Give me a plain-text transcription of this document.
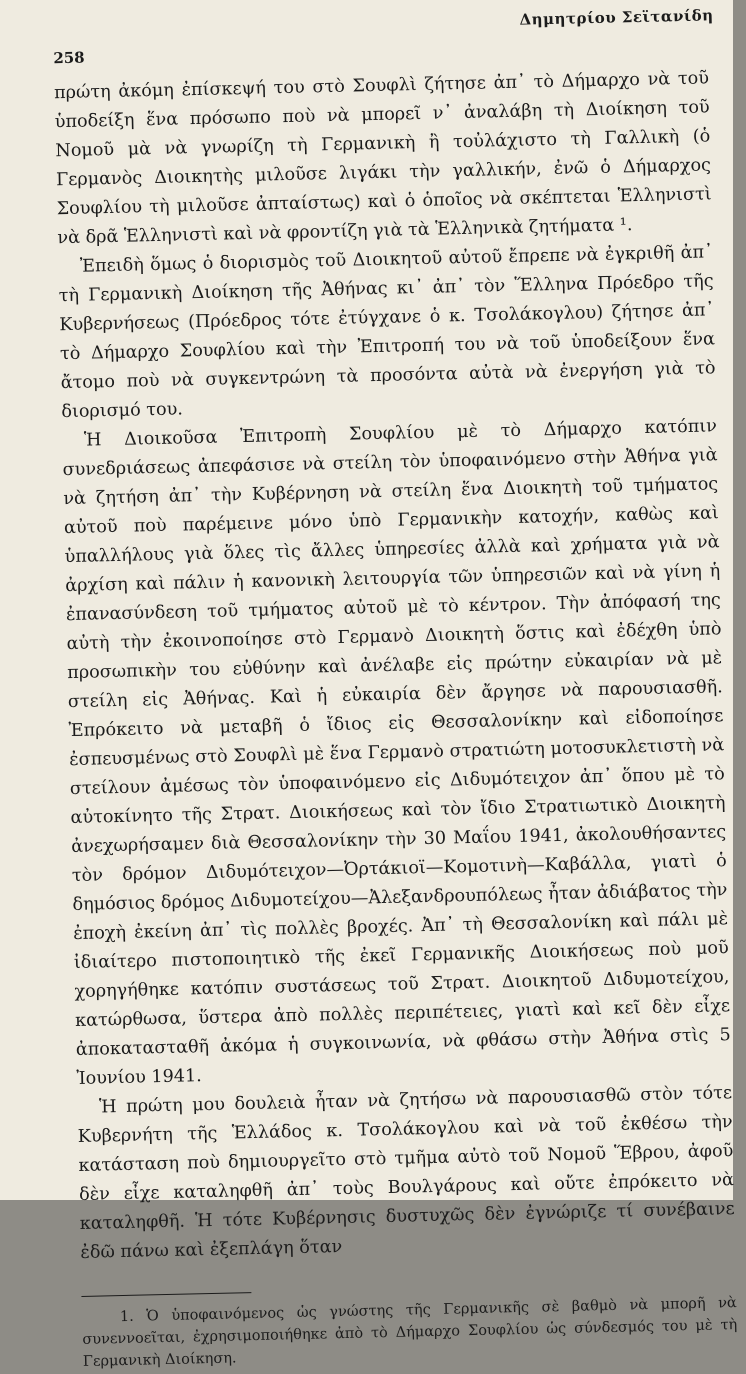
258
Δημητρίου Σεϊτανίδη

πρώτη ἀκόμη ἐπίσκεψή του στὸ Σουφλὶ ζήτησε ἀπ᾿ τὸ Δήμαρχο νὰ τοῦ ὑποδείξη ἕνα πρόσωπο ποὺ νὰ μπορεῖ ν᾿ ἀναλάβη τὴ Διοίκηση τοῦ Νομοῦ μὰ νὰ γνωρίζη τὴ Γερμανικὴ ἢ τοὐλάχιστο τὴ Γαλλικὴ (ὁ Γερμανὸς Διοικητὴς μιλοῦσε λιγάκι τὴν γαλλικήν, ἐνῶ ὁ Δήμαρχος Σουφλίου τὴ μιλοῦσε ἀπταίστως) καὶ ὁ ὁποῖος νὰ σκέπτεται Ἑλληνιστὶ νὰ δρᾶ Ἑλληνιστὶ καὶ νὰ φροντίζη γιὰ τὰ Ἑλληνικὰ ζητήματα ¹.

Ἐπειδὴ ὅμως ὁ διορισμὸς τοῦ Διοικητοῦ αὐτοῦ ἔπρεπε νὰ ἐγκριθῆ ἀπ᾿ τὴ Γερμανικὴ Διοίκηση τῆς Ἀθήνας κι᾿ ἀπ᾿ τὸν Ἕλληνα Πρόεδρο τῆς Κυβερνήσεως (Πρόεδρος τότε ἐτύγχανε ὁ κ. Τσολάκογλου) ζήτησε ἀπ᾿ τὸ Δήμαρχο Σουφλίου καὶ τὴν Ἐπιτροπή του νὰ τοῦ ὑποδείξουν ἕνα ἄτομο ποὺ νὰ συγκεντρώνη τὰ προσόντα αὐτὰ νὰ ἐνεργήση γιὰ τὸ διορισμό του.

Ἡ Διοικοῦσα Ἐπιτροπὴ Σουφλίου μὲ τὸ Δήμαρχο κατόπιν συνεδριάσεως ἀπεφάσισε νὰ στείλη τὸν ὑποφαινόμενο στὴν Ἀθήνα γιὰ νὰ ζητήση ἀπ᾿ τὴν Κυβέρνηση νὰ στείλη ἕνα Διοικητὴ τοῦ τμήματος αὐτοῦ ποὺ παρέμεινε μόνο ὑπὸ Γερμανικὴν κατοχήν, καθὼς καὶ ὑπαλλήλους γιὰ ὅλες τὶς ἄλλες ὑπηρεσίες ἀλλὰ καὶ χρήματα γιὰ νὰ ἀρχίση καὶ πάλιν ἡ κανονικὴ λειτουργία τῶν ὑπηρεσιῶν καὶ νὰ γίνη ἡ ἐπανασύνδεση τοῦ τμήματος αὐτοῦ μὲ τὸ κέντρον. Τὴν ἀπόφασή της αὐτὴ τὴν ἐκοινοποίησε στὸ Γερμανὸ Διοικητὴ ὅστις καὶ ἐδέχθη ὑπὸ προσωπικὴν του εὐθύνην καὶ ἀνέλαβε εἰς πρώτην εὐκαιρίαν νὰ μὲ στείλη εἰς Ἀθήνας. Καὶ ἡ εὐκαιρία δὲν ἄργησε νὰ παρουσιασθῆ. Ἐπρόκειτο νὰ μεταβῆ ὁ ἴδιος εἰς Θεσσαλονίκην καὶ εἰδοποίησε ἐσπευσμένως στὸ Σουφλὶ μὲ ἕνα Γερμανὸ στρατιώτη μοτοσυκλετιστὴ νὰ στείλουν ἀμέσως τὸν ὑποφαινόμενο εἰς Διδυμότειχον ἀπ᾿ ὅπου μὲ τὸ αὐτοκίνητο τῆς Στρατ. Διοικήσεως καὶ τὸν ἴδιο Στρατιωτικὸ Διοικητὴ ἀνεχωρήσαμεν διὰ Θεσσαλονίκην τὴν 30 Μαΐου 1941, ἀκολουθήσαντες τὸν δρόμον Διδυμότειχον—Ὀρτάκιοϊ—Κομοτινὴ—Καβάλλα, γιατὶ ὁ δημόσιος δρόμος Διδυμοτείχου—Ἀλεξανδρουπόλεως ἦταν ἀδιάβατος τὴν ἐποχὴ ἐκείνη ἀπ᾿ τὶς πολλὲς βροχές. Ἀπ᾿ τὴ Θεσσαλονίκη καὶ πάλι μὲ ἰδιαίτερο πιστοποιητικὸ τῆς ἐκεῖ Γερμανικῆς Διοικήσεως ποὺ μοῦ χορηγήθηκε κατόπιν συστάσεως τοῦ Στρατ. Διοικητοῦ Διδυμοτείχου, κατώρθωσα, ὕστερα ἀπὸ πολλὲς περιπέτειες, γιατὶ καὶ κεῖ δὲν εἶχε ἀποκατασταθῆ ἀκόμα ἡ συγκοινωνία, νὰ φθάσω στὴν Ἀθήνα στὶς 5 Ἰουνίου 1941.

Ἡ πρώτη μου δουλειὰ ἦταν νὰ ζητήσω νὰ παρουσιασθῶ στὸν τότε Κυβερνήτη τῆς Ἑλλάδος κ. Τσολάκογλου καὶ νὰ τοῦ ἐκθέσω τὴν κατάσταση ποὺ δημιουργεῖτο στὸ τμῆμα αὐτὸ τοῦ Νομοῦ Ἕβρου, ἀφοῦ δὲν εἶχε καταληφθῆ ἀπ᾿ τοὺς Βουλγάρους καὶ οὔτε ἐπρόκειτο νὰ καταληφθῆ. Ἡ τότε Κυβέρνησις δυστυχῶς δὲν ἐγνώριζε τί συνέβαινε ἐδῶ πάνω καὶ ἐξεπλάγη ὅταν

1. Ὁ ὑποφαινόμενος ὡς γνώστης τῆς Γερμανικῆς σὲ βαθμὸ νὰ μπορῆ νὰ συνεννοεῖται, ἐχρησιμοποιήθηκε ἀπὸ τὸ Δήμαρχο Σουφλίου ὡς σύνδεσμός του μὲ τὴ Γερμανικὴ Διοίκηση.
